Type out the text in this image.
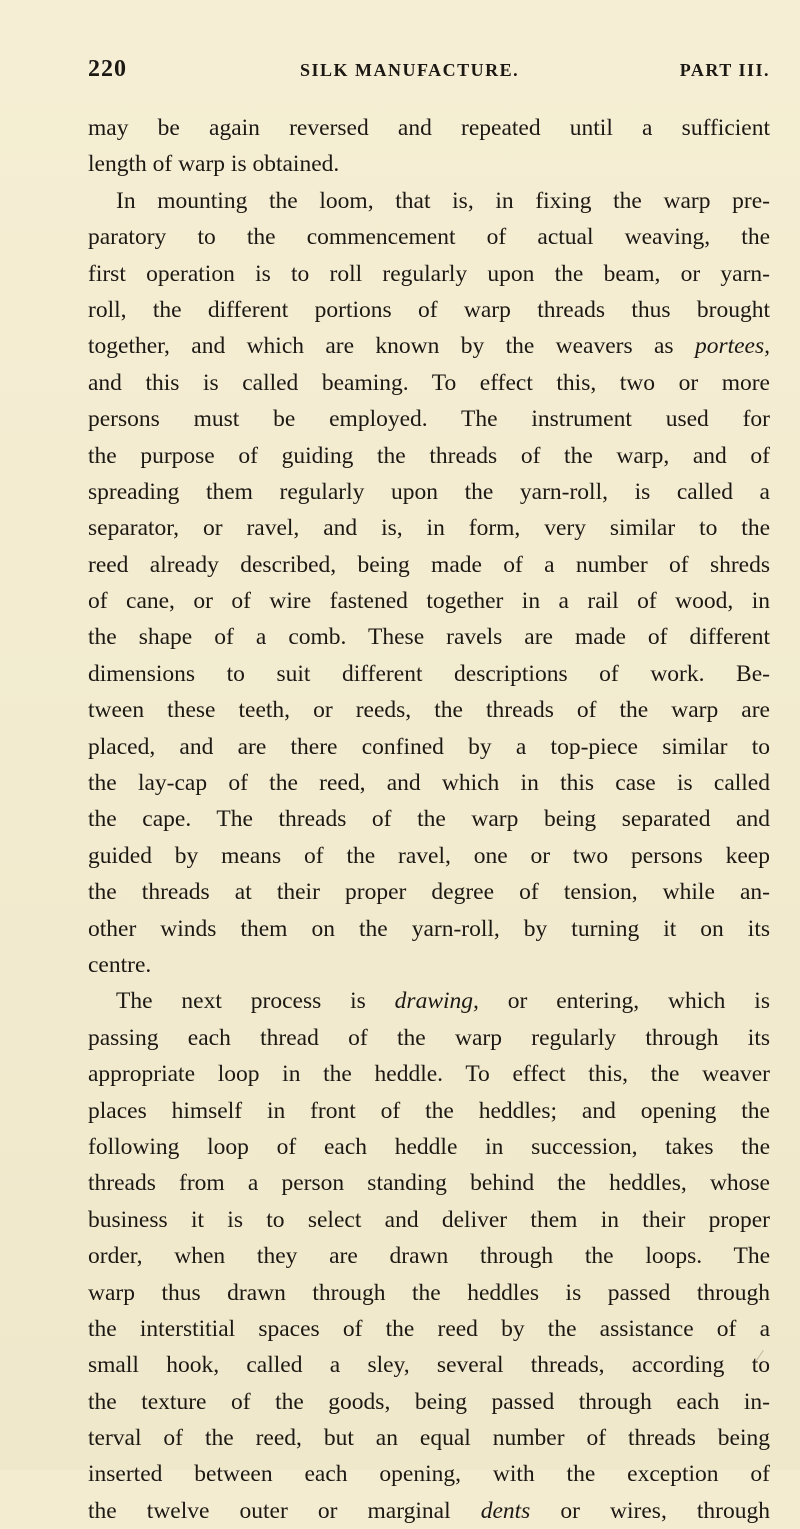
220	SILK MANUFACTURE.	PART III.
may be again reversed and repeated until a sufficient
length of warp is obtained.
In mounting the loom, that is, in fixing the warp pre-
paratory to the commencement of actual weaving, the
first operation is to roll regularly upon the beam, or yarn-
roll, the different portions of warp threads thus brought
together, and which are known by the weavers as portees,
and this is called beaming. To effect this, two or more
persons must be employed. The instrument used for
the purpose of guiding the threads of the warp, and of
spreading them regularly upon the yarn-roll, is called a
separator, or ravel, and is, in form, very similar to the
reed already described, being made of a number of shreds
of cane, or of wire fastened together in a rail of wood, in
the shape of a comb. These ravels are made of different
dimensions to suit different descriptions of work. Be-
tween these teeth, or reeds, the threads of the warp are
placed, and are there confined by a top-piece similar to
the lay-cap of the reed, and which in this case is called
the cape. The threads of the warp being separated and
guided by means of the ravel, one or two persons keep
the threads at their proper degree of tension, while an-
other winds them on the yarn-roll, by turning it on its
centre.
The next process is drawing, or entering, which is
passing each thread of the warp regularly through its
appropriate loop in the heddle. To effect this, the weaver
places himself in front of the heddles; and opening the
following loop of each heddle in succession, takes the
threads from a person standing behind the heddles, whose
business it is to select and deliver them in their proper
order, when they are drawn through the loops. The
warp thus drawn through the heddles is passed through
the interstitial spaces of the reed by the assistance of a
small hook, called a sley, several threads, according to
the texture of the goods, being passed through each in-
terval of the reed, but an equal number of threads being
inserted between each opening, with the exception of
the twelve outer or marginal dents or wires, through
